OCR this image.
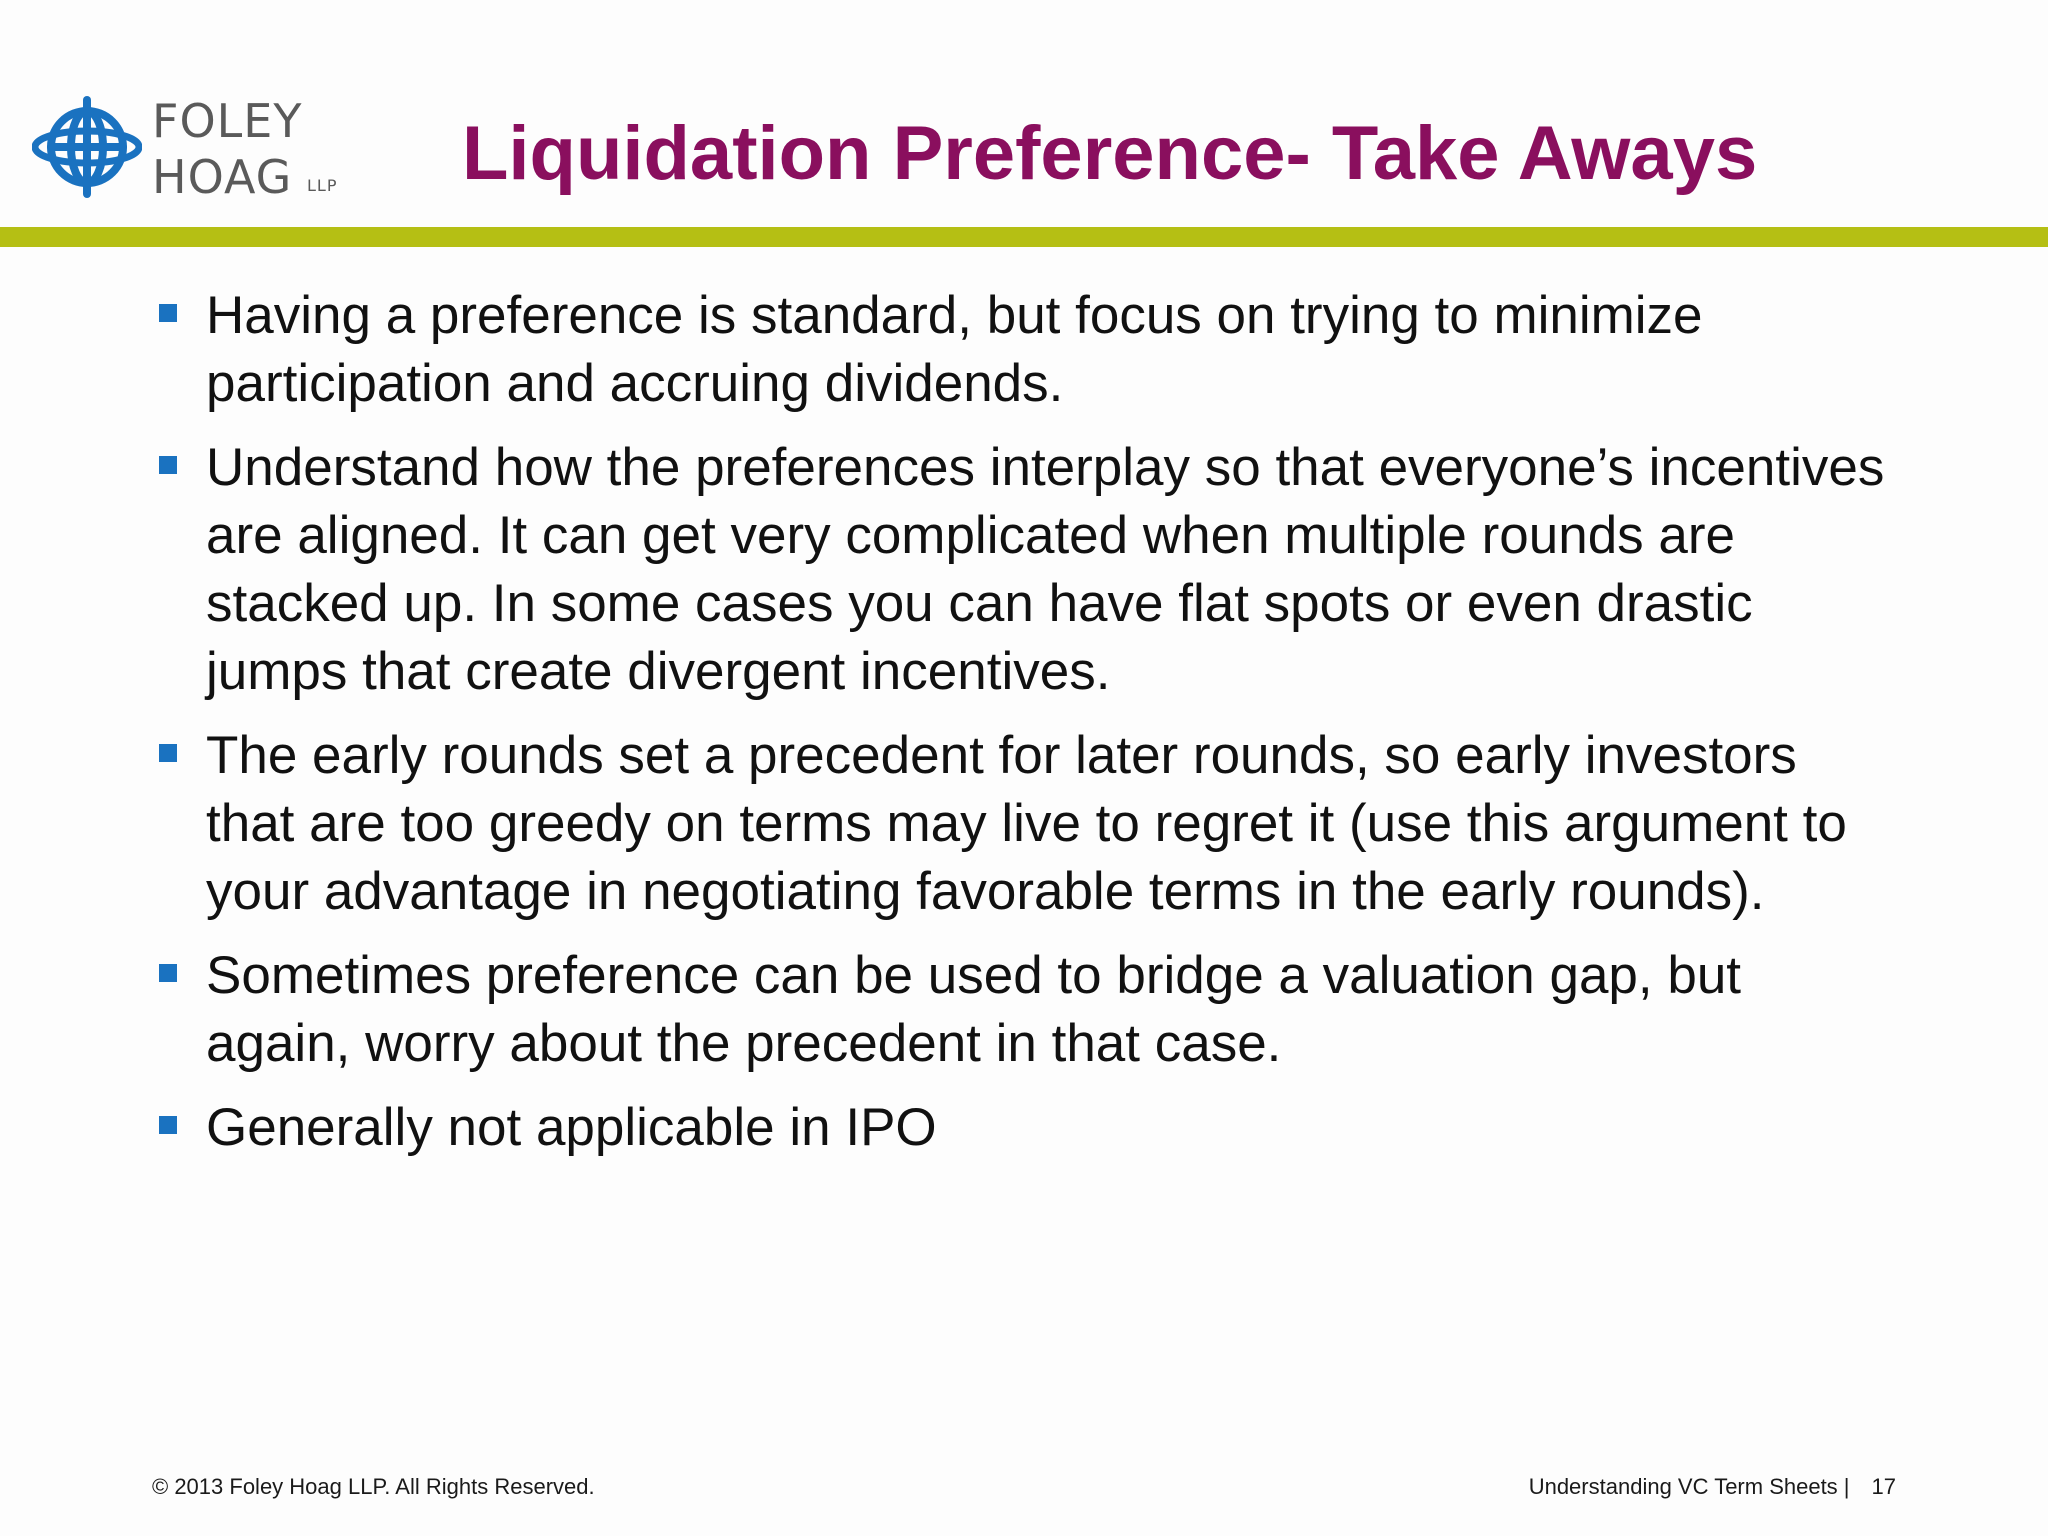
FOLEY
HOAG LLP Liquidation Preference- Take Aways
Having a preference is standard, but focus on trying to minimize participation and accruing dividends.
Understand how the preferences interplay so that everyone’s incentives are aligned. It can get very complicated when multiple rounds are stacked up. In some cases you can have flat spots or even drastic jumps that create divergent incentives.
The early rounds set a precedent for later rounds, so early investors that are too greedy on terms may live to regret it (use this argument to your advantage in negotiating favorable terms in the early rounds).
Sometimes preference can be used to bridge a valuation gap, but again, worry about the precedent in that case.
Generally not applicable in IPO
© 2013 Foley Hoag LLP. All Rights Reserved.	Understanding VC Term Sheets | 17
